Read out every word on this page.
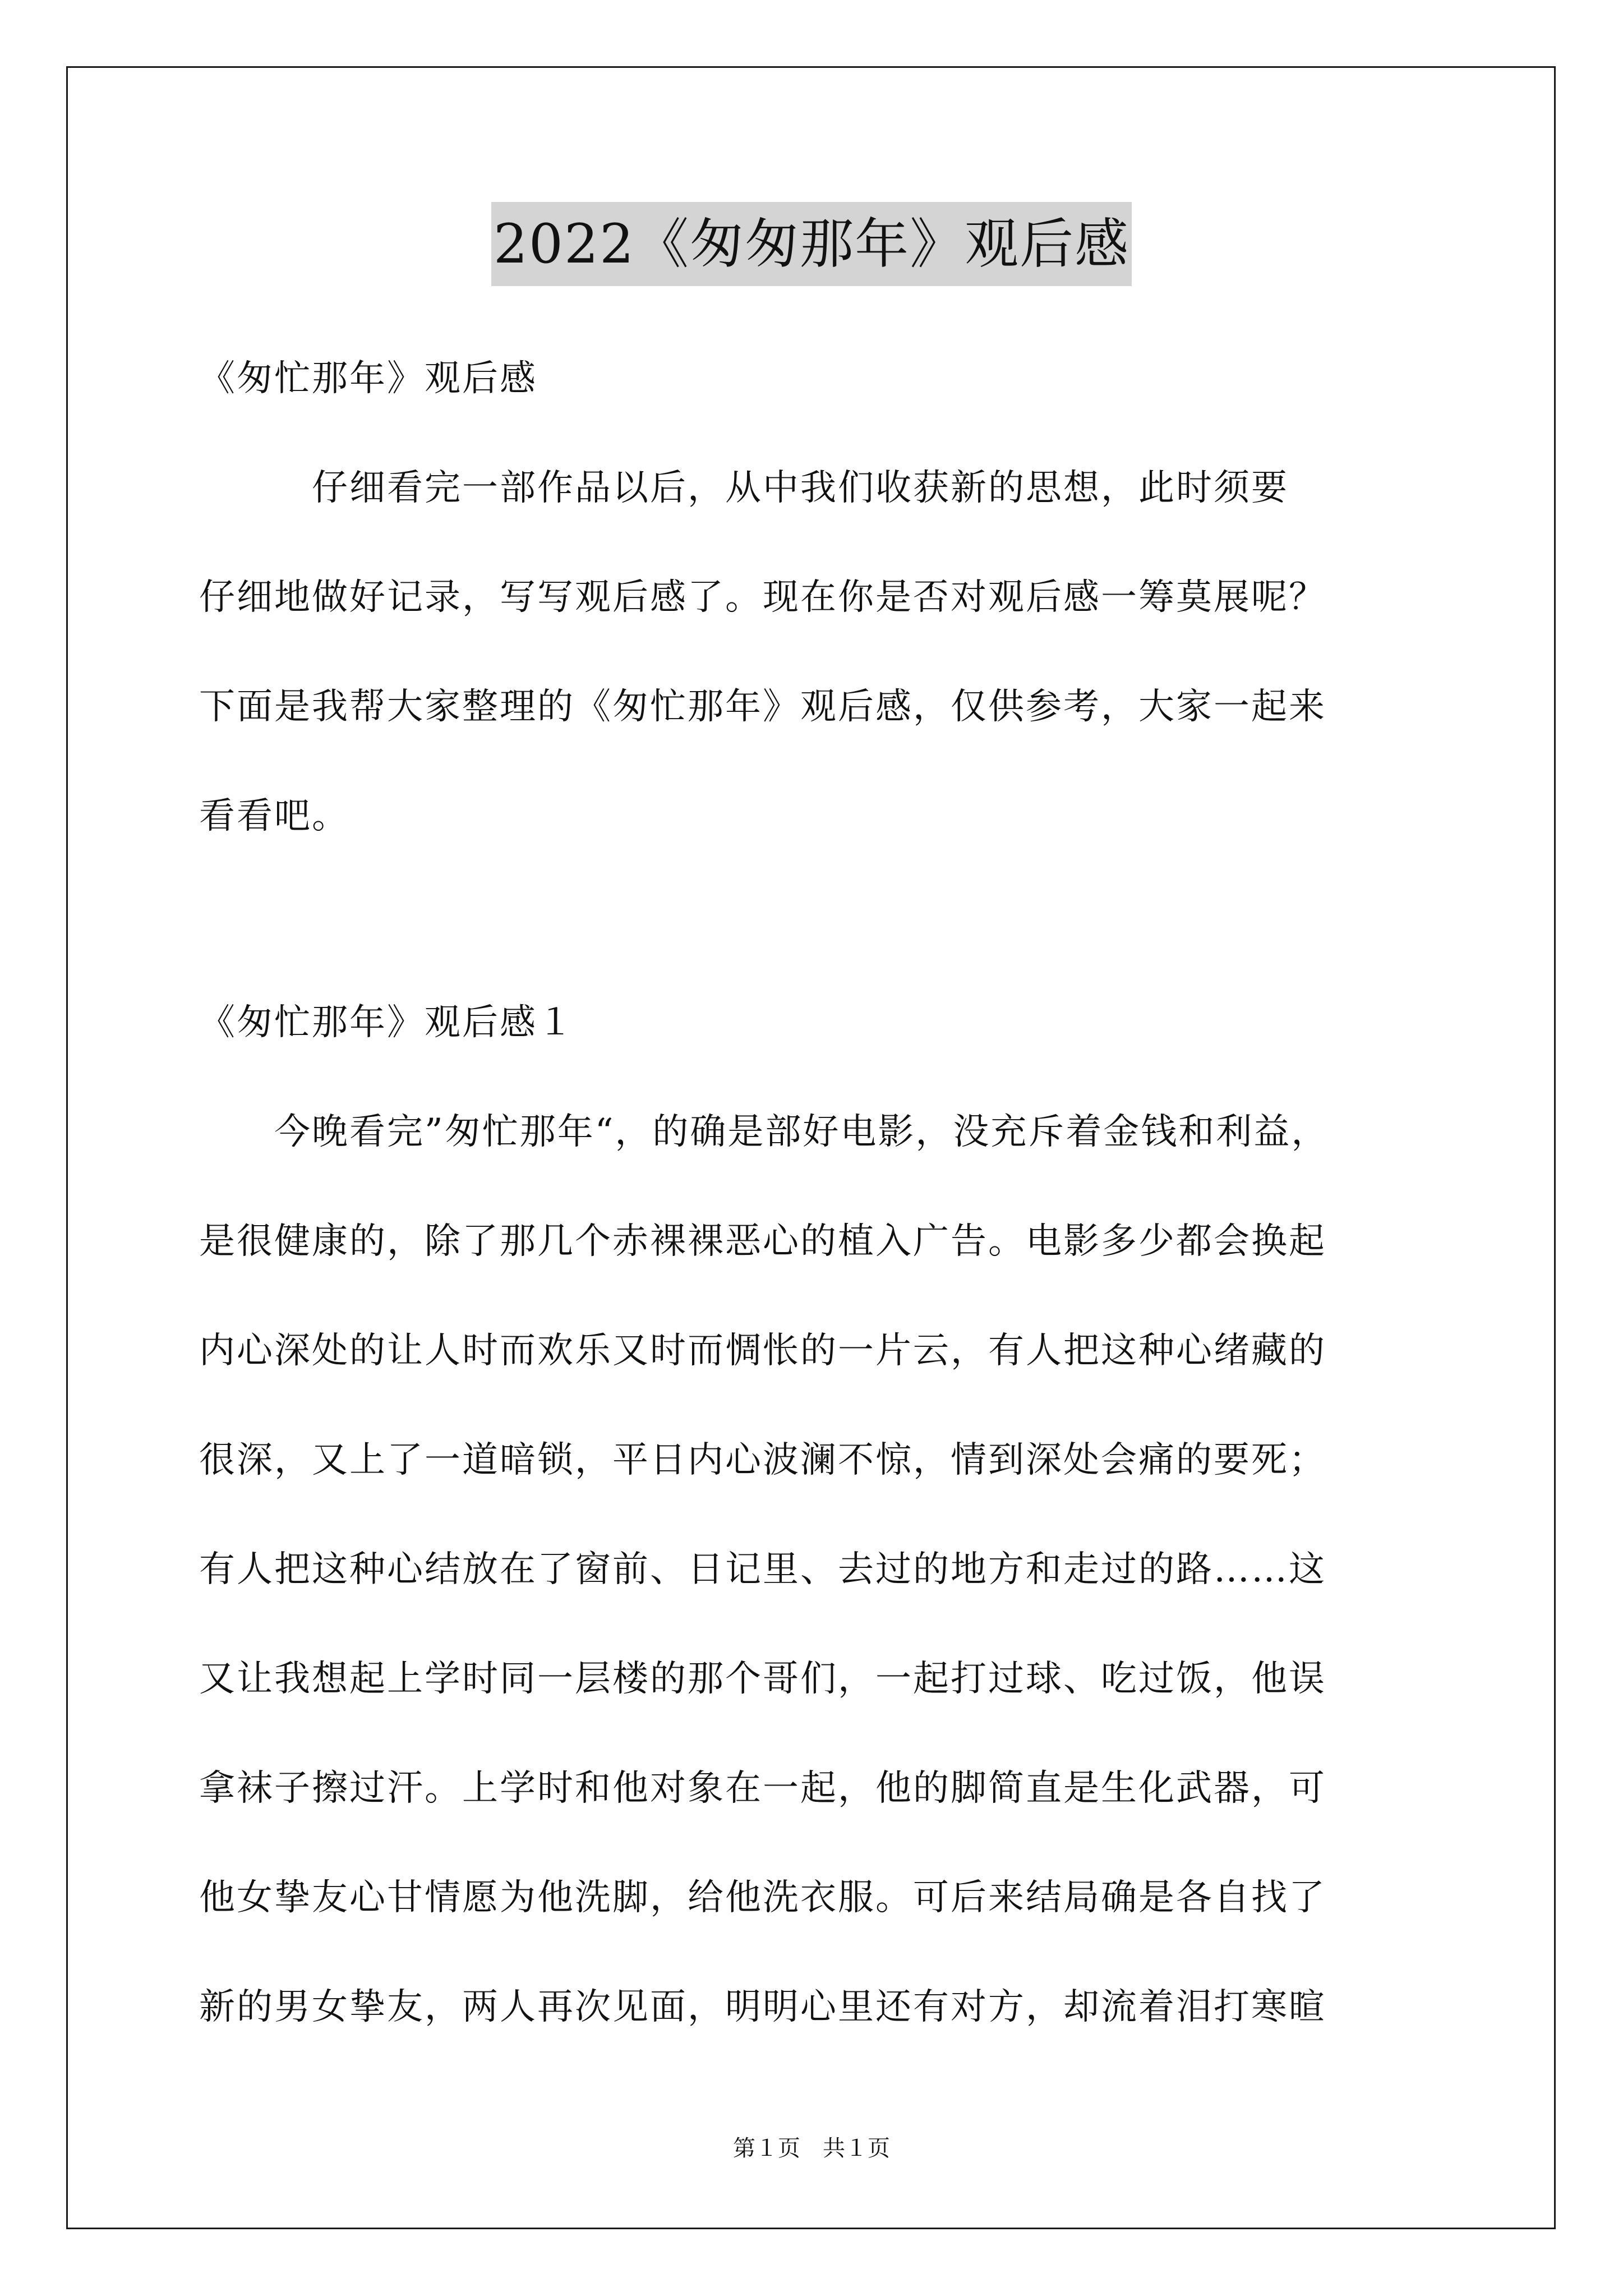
2022《匆匆那年》观后感
《匆忙那年》观后感
　　　仔细看完一部作品以后，从中我们收获新的思想，此时须要
仔细地做好记录，写写观后感了。现在你是否对观后感一筹莫展呢？
下面是我帮大家整理的《匆忙那年》观后感，仅供参考，大家一起来
看看吧。
《匆忙那年》观后感１
　　今晚看完”匆忙那年“，的确是部好电影，没充斥着金钱和利益，
是很健康的，除了那几个赤裸裸恶心的植入广告。电影多少都会换起
内心深处的让人时而欢乐又时而惆怅的一片云，有人把这种心绪藏的
很深，又上了一道暗锁，平日内心波澜不惊，情到深处会痛的要死；
有人把这种心结放在了窗前、日记里、去过的地方和走过的路……这
又让我想起上学时同一层楼的那个哥们，一起打过球、吃过饭，他误
拿袜子擦过汗。上学时和他对象在一起，他的脚简直是生化武器，可
他女挚友心甘情愿为他洗脚，给他洗衣服。可后来结局确是各自找了
新的男女挚友，两人再次见面，明明心里还有对方，却流着泪打寒暄
第１页 共１页
